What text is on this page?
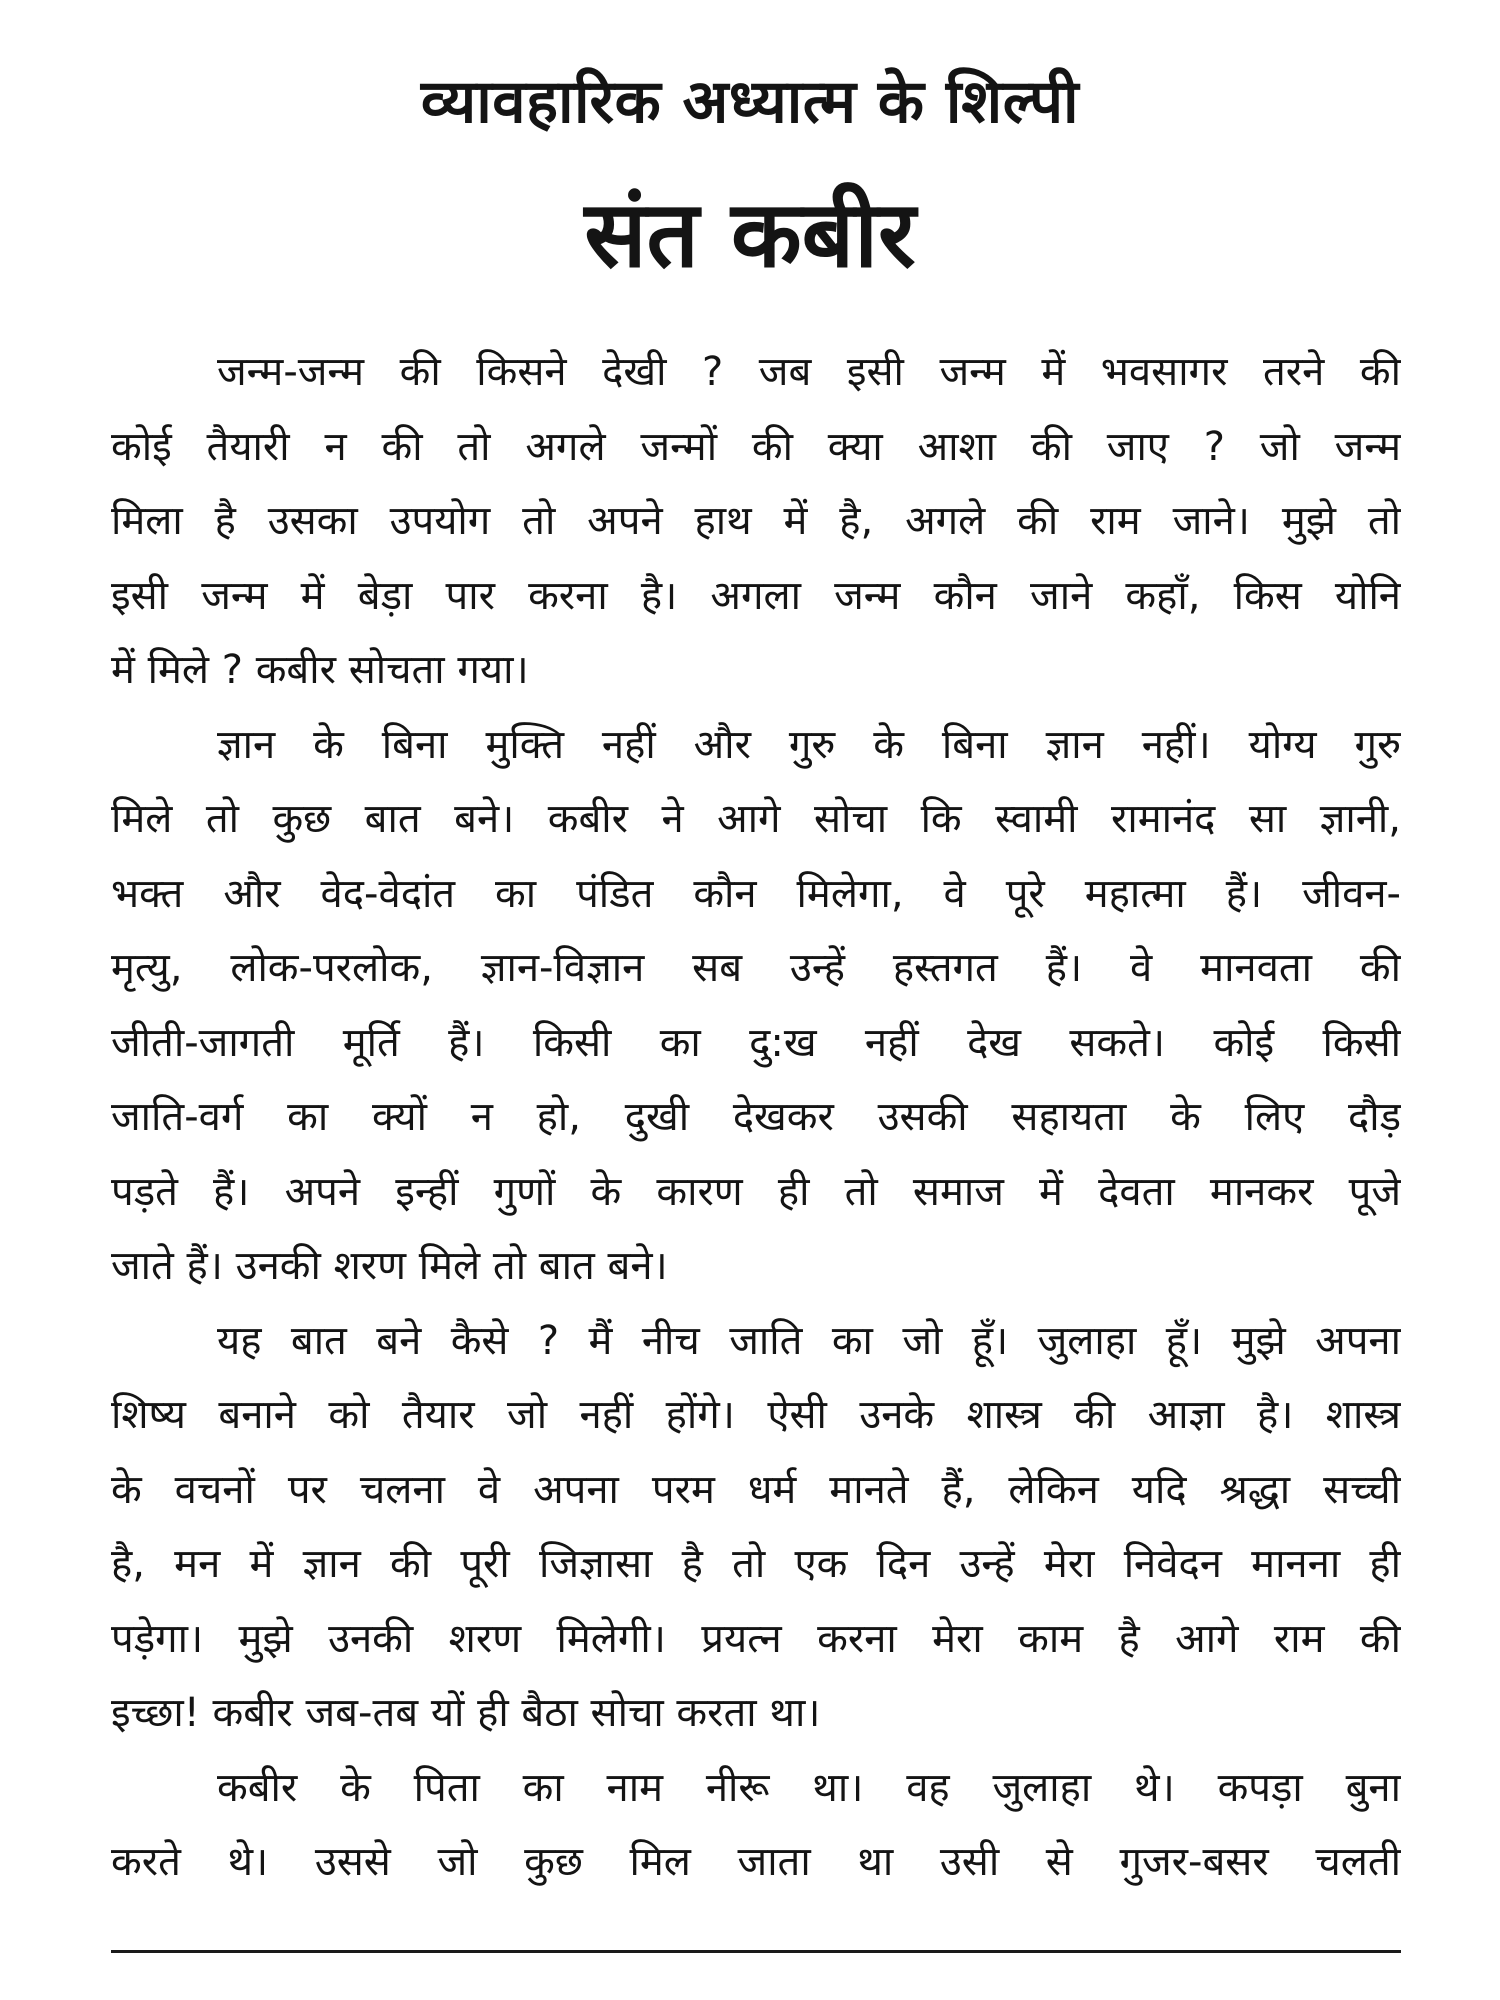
व्यावहारिक अध्यात्म के शिल्पी
संत कबीर
जन्म-जन्म की किसने देखी ? जब इसी जन्म में भवसागर तरने की
कोई तैयारी न की तो अगले जन्मों की क्या आशा की जाए ? जो जन्म
मिला है उसका उपयोग तो अपने हाथ में है, अगले की राम जाने। मुझे तो
इसी जन्म में बेड़ा पार करना है। अगला जन्म कौन जाने कहाँ, किस योनि
में मिले ? कबीर सोचता गया।
ज्ञान के बिना मुक्ति नहीं और गुरु के बिना ज्ञान नहीं। योग्य गुरु
मिले तो कुछ बात बने। कबीर ने आगे सोचा कि स्वामी रामानंद सा ज्ञानी,
भक्त और वेद-वेदांत का पंडित कौन मिलेगा, वे पूरे महात्मा हैं। जीवन-
मृत्यु, लोक-परलोक, ज्ञान-विज्ञान सब उन्हें हस्तगत हैं। वे मानवता की
जीती-जागती मूर्ति हैं। किसी का दु:ख नहीं देख सकते। कोई किसी
जाति-वर्ग का क्यों न हो, दुखी देखकर उसकी सहायता के लिए दौड़
पड़ते हैं। अपने इन्हीं गुणों के कारण ही तो समाज में देवता मानकर पूजे
जाते हैं। उनकी शरण मिले तो बात बने।
यह बात बने कैसे ? मैं नीच जाति का जो हूँ। जुलाहा हूँ। मुझे अपना
शिष्य बनाने को तैयार जो नहीं होंगे। ऐसी उनके शास्त्र की आज्ञा है। शास्त्र
के वचनों पर चलना वे अपना परम धर्म मानते हैं, लेकिन यदि श्रद्धा सच्ची
है, मन में ज्ञान की पूरी जिज्ञासा है तो एक दिन उन्हें मेरा निवेदन मानना ही
पड़ेगा। मुझे उनकी शरण मिलेगी। प्रयत्न करना मेरा काम है आगे राम की
इच्छा! कबीर जब-तब यों ही बैठा सोचा करता था।
कबीर के पिता का नाम नीरू था। वह जुलाहा थे। कपड़ा बुना
करते थे। उससे जो कुछ मिल जाता था उसी से गुजर-बसर चलती
